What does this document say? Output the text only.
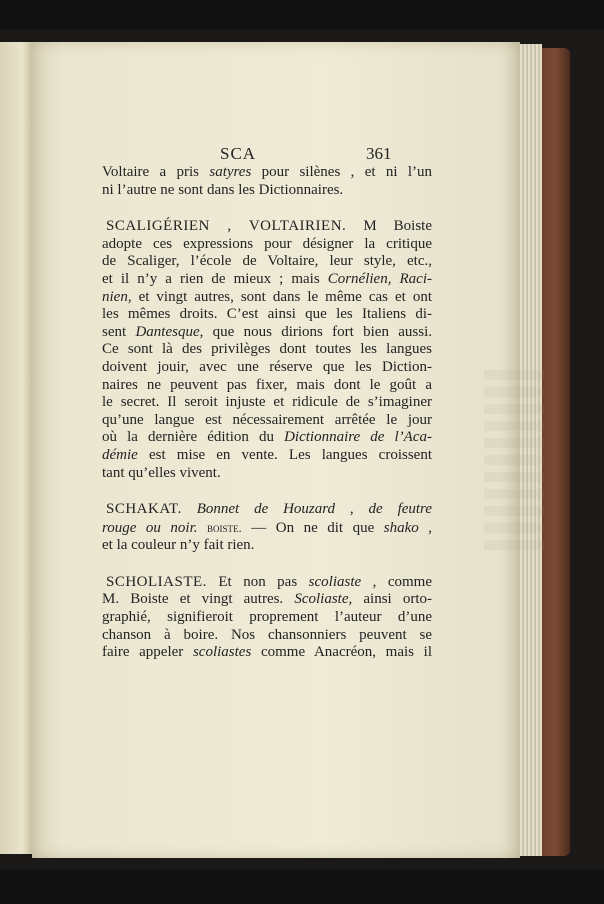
SCA	361
Voltaire a pris satyres pour silènes , et ni l’un
ni l’autre ne sont dans les Dictionnaires.
SCALIGÉRIEN , VOLTAIRIEN. M Boiste
adopte ces expressions pour désigner la critique
de Scaliger, l’école de Voltaire, leur style, etc.,
et il n’y a rien de mieux ; mais Cornélien, Raci-
nien, et vingt autres, sont dans le même cas et ont
les mêmes droits. C’est ainsi que les Italiens di-
sent Dantesque, que nous dirions fort bien aussi.
Ce sont là des privilèges dont toutes les langues
doivent jouir, avec une réserve que les Diction-
naires ne peuvent pas fixer, mais dont le goût a
le secret. Il seroit injuste et ridicule de s’imaginer
qu’une langue est nécessairement arrêtée le jour
où la dernière édition du Dictionnaire de l’Aca-
démie est mise en vente. Les langues croissent
tant qu’elles vivent.
SCHAKAT. Bonnet de Houzard , de feutre
rouge ou noir. boiste. — On ne dit que shako ,
et la couleur n’y fait rien.
SCHOLIASTE. Et non pas scoliaste , comme
M. Boiste et vingt autres. Scoliaste, ainsi orto-
graphié, signifieroit proprement l’auteur d’une
chanson à boire. Nos chansonniers peuvent se
faire appeler scoliastes comme Anacréon, mais il
